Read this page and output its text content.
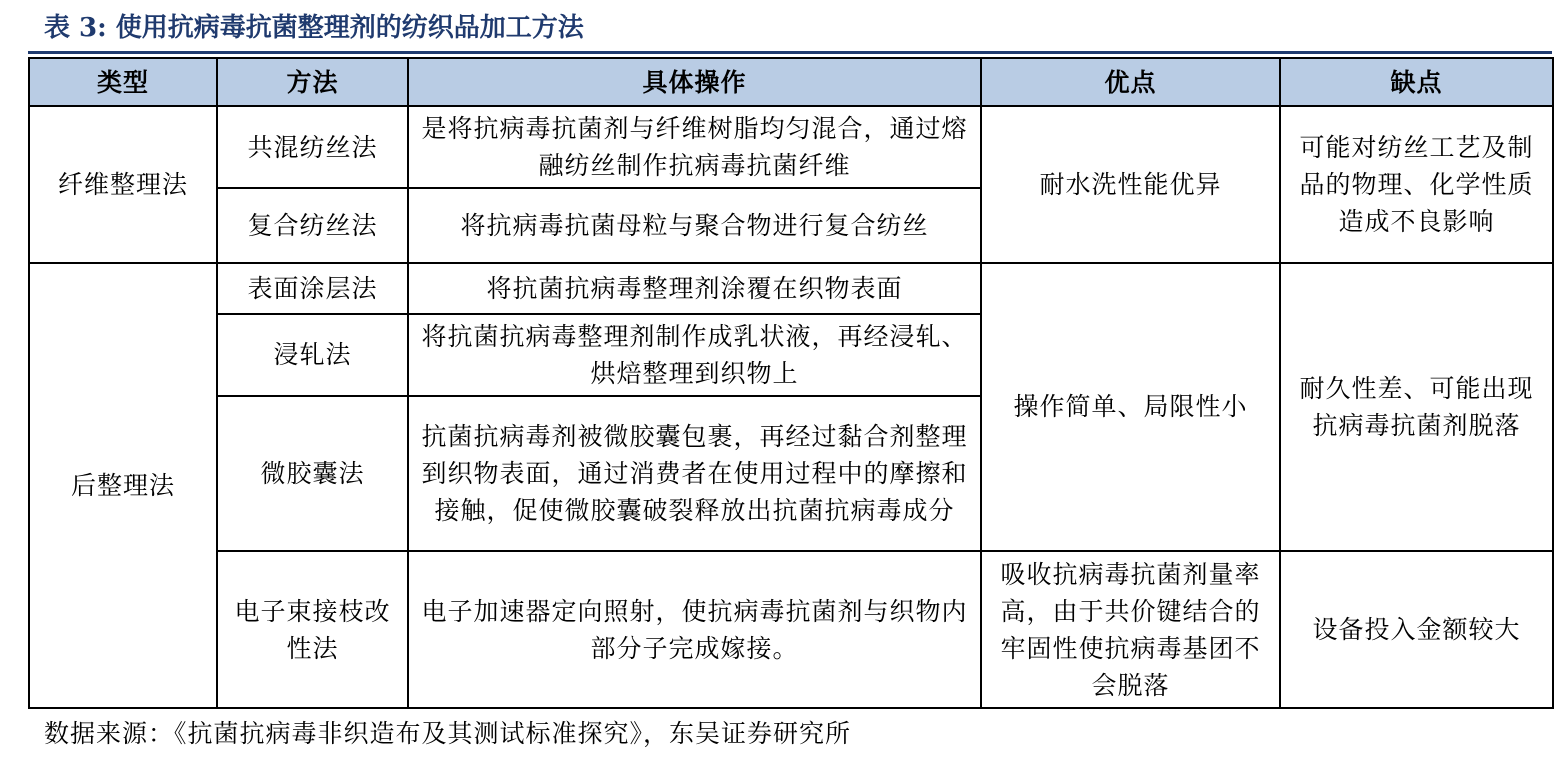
表 3: 使用抗病毒抗菌整理剂的纺织品加工方法
类型	方法	具体操作	优点	缺点
纤维整理法	共混纺丝法	是将抗病毒抗菌剂与纤维树脂均匀混合，通过熔融纺丝制作抗病毒抗菌纤维	耐水洗性能优异	可能对纺丝工艺及制品的物理、化学性质造成不良影响
	复合纺丝法	将抗病毒抗菌母粒与聚合物进行复合纺丝		
后整理法	表面涂层法	将抗菌抗病毒整理剂涂覆在织物表面	操作简单、局限性小	耐久性差、可能出现抗病毒抗菌剂脱落
	浸轧法	将抗菌抗病毒整理剂制作成乳状液，再经浸轧、烘焙整理到织物上		
	微胶囊法	抗菌抗病毒剂被微胶囊包裹，再经过黏合剂整理到织物表面，通过消费者在使用过程中的摩擦和接触，促使微胶囊破裂释放出抗菌抗病毒成分		
	电子束接枝改性法	电子加速器定向照射，使抗病毒抗菌剂与织物内部分子完成嫁接。	吸收抗病毒抗菌剂量率高，由于共价键结合的牢固性使抗病毒基团不会脱落	设备投入金额较大
数据来源：《抗菌抗病毒非织造布及其测试标准探究》，东吴证券研究所
